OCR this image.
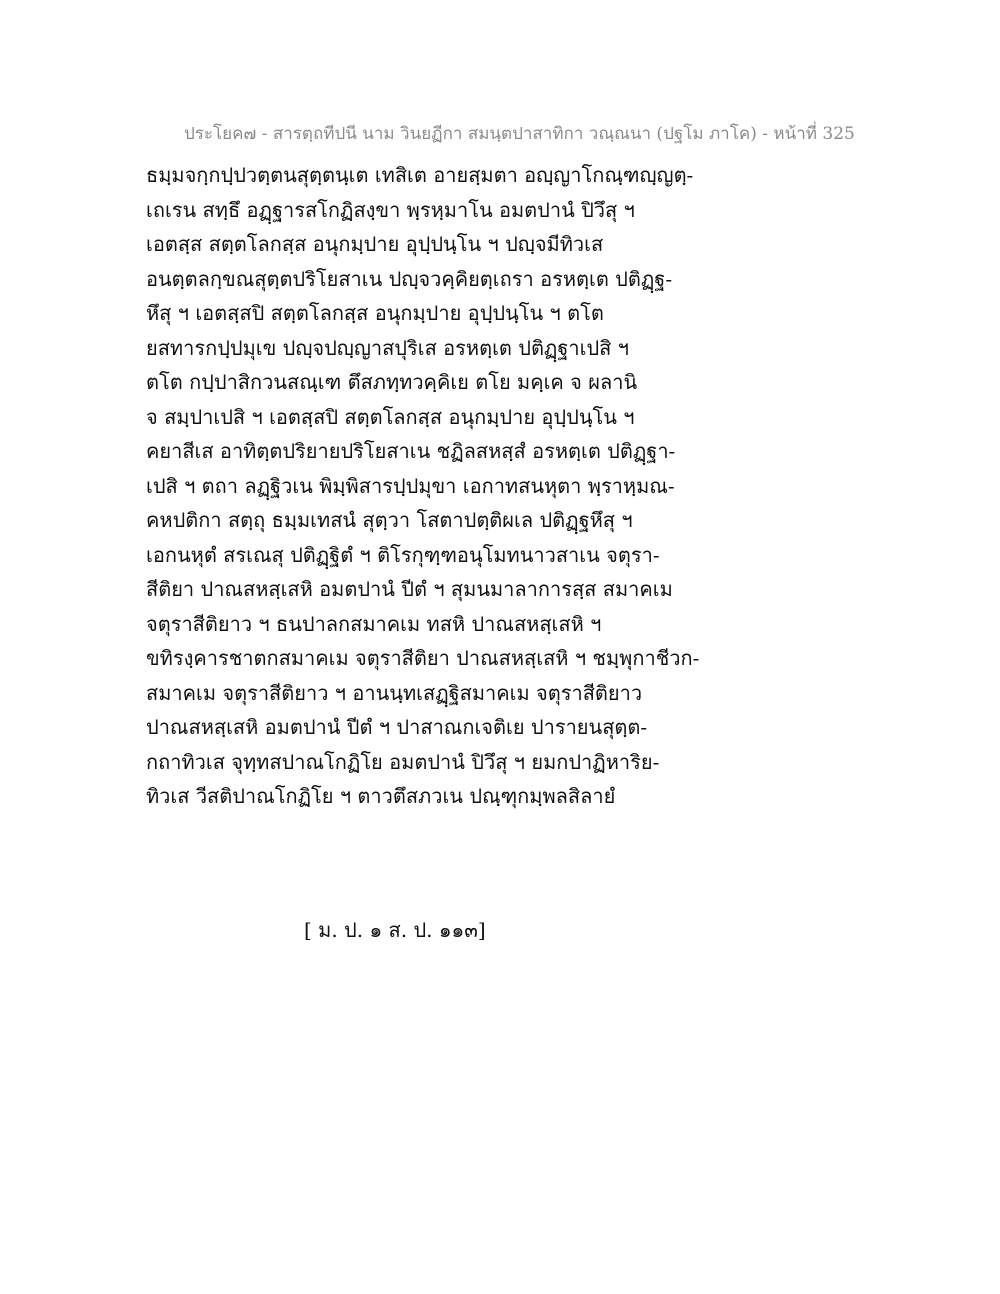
ประโยค๗ - สารตฺถทีปนี นาม วินยฏีกา สมนฺตปาสาทิกา วณฺณนา (ปฐโม ภาโค) - หน้าที่ 325
ธมฺมจกฺกปฺปวตฺตนสุตฺตนฺเต เทสิเต อายสฺมตา อญฺญาโกณฺฑญฺญตฺ-
เถเรน สทฺธึ อฏฺฐารสโกฏิสงฺขา พฺรหฺมาโน อมตปานํ ปิวึสุ ฯ
เอตสฺส สตฺตโลกสฺส อนุกมฺปาย อุปฺปนฺโน ฯ ปญฺจมีทิวเส
อนตฺตลกฺขณสุตฺตปริโยสาเน ปญฺจวคฺคิยตฺเถรา อรหตฺเต ปติฏฺฐ-
หึสุ ฯ เอตสฺสปิ สตฺตโลกสฺส อนุกมฺปาย อุปฺปนฺโน ฯ ตโต
ยสทารกปฺปมุเข ปญฺจปญฺญาสปุริเส อรหตฺเต ปติฏฺฐาเปสิ ฯ
ตโต กปฺปาสิกวนสณฺเฑ ตึสภทฺทวคฺคิเย ตโย มคฺเค จ ผลานิ
จ สมฺปาเปสิ ฯ เอตสฺสปิ สตฺตโลกสฺส อนุกมฺปาย อุปฺปนฺโน ฯ
คยาสีเส อาทิตฺตปริยายปริโยสาเน ชฏิลสหสฺสํ อรหตฺเต ปติฏฺฐา-
เปสิ ฯ ตถา ลฏฺฐิวเน พิมฺพิสารปฺปมุขา เอกาทสนหุตา พฺราหฺมณ-
คหปติกา สตฺถุ ธมฺมเทสนํ สุตฺวา โสตาปตฺติผเล ปติฏฺฐหึสุ ฯ
เอกนหุตํ สรเณสุ ปติฏฺฐิตํ ฯ ติโรกุฑฺฑอนุโมทนาวสาเน จตุรา-
สีติยา ปาณสหสฺเสหิ อมตปานํ ปีตํ ฯ สุมนมาลาการสฺส สมาคเม
จตุราสีติยาว ฯ ธนปาลกสมาคเม ทสหิ ปาณสหสฺเสหิ ฯ
ขทิรงฺคารชาตกสมาคเม จตุราสีติยา ปาณสหสฺเสหิ ฯ ชมฺพุกาชีวก-
สมาคเม จตุราสีติยาว ฯ อานนฺทเสฏฺฐิสมาคเม จตุราสีติยาว
ปาณสหสฺเสหิ อมตปานํ ปีตํ ฯ ปาสาณกเจติเย ปารายนสุตฺต-
กถาทิวเส จุทฺทสปาณโกฏิโย อมตปานํ ปิวึสุ ฯ ยมกปาฏิหาริย-
ทิวเส วีสติปาณโกฏิโย ฯ ตาวตึสภวเน ปณฺฑุกมฺพลสิลายํ
[ ม. ป. ๑ ส. ป. ๑๑๓]
